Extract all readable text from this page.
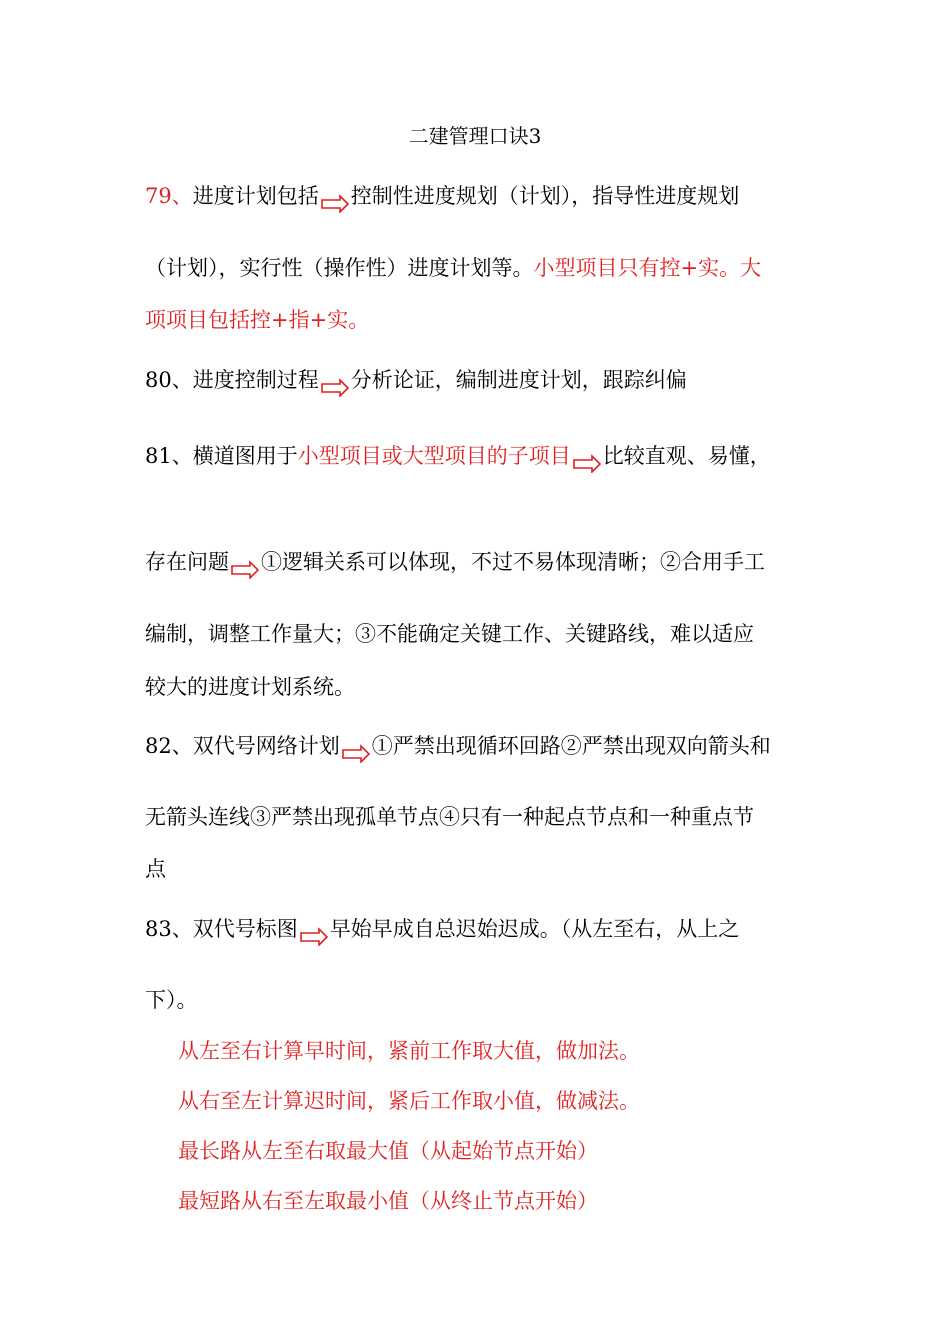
二建管理口诀3
79、进度计划包括 控制性进度规划（计划），指导性进度规划
（计划），实行性（操作性）进度计划等。小型项目只有控+实。大
项项目包括控+指+实。
80、进度控制过程 分析论证，编制进度计划，跟踪纠偏
81、横道图用于小型项目或大型项目的子项目 比较直观、易懂，
存在问题 ①逻辑关系可以体现，不过不易体现清晰；②合用手工
编制，调整工作量大；③不能确定关键工作、关键路线，难以适应
较大的进度计划系统。
82、双代号网络计划 ①严禁出现循环回路②严禁出现双向箭头和
无箭头连线③严禁出现孤单节点④只有一种起点节点和一种重点节
点
83、双代号标图 早始早成自总迟始迟成。（从左至右，从上之
下）。
从左至右计算早时间，紧前工作取大值，做加法。
从右至左计算迟时间，紧后工作取小值，做减法。
最长路从左至右取最大值（从起始节点开始）
最短路从右至左取最小值（从终止节点开始）
